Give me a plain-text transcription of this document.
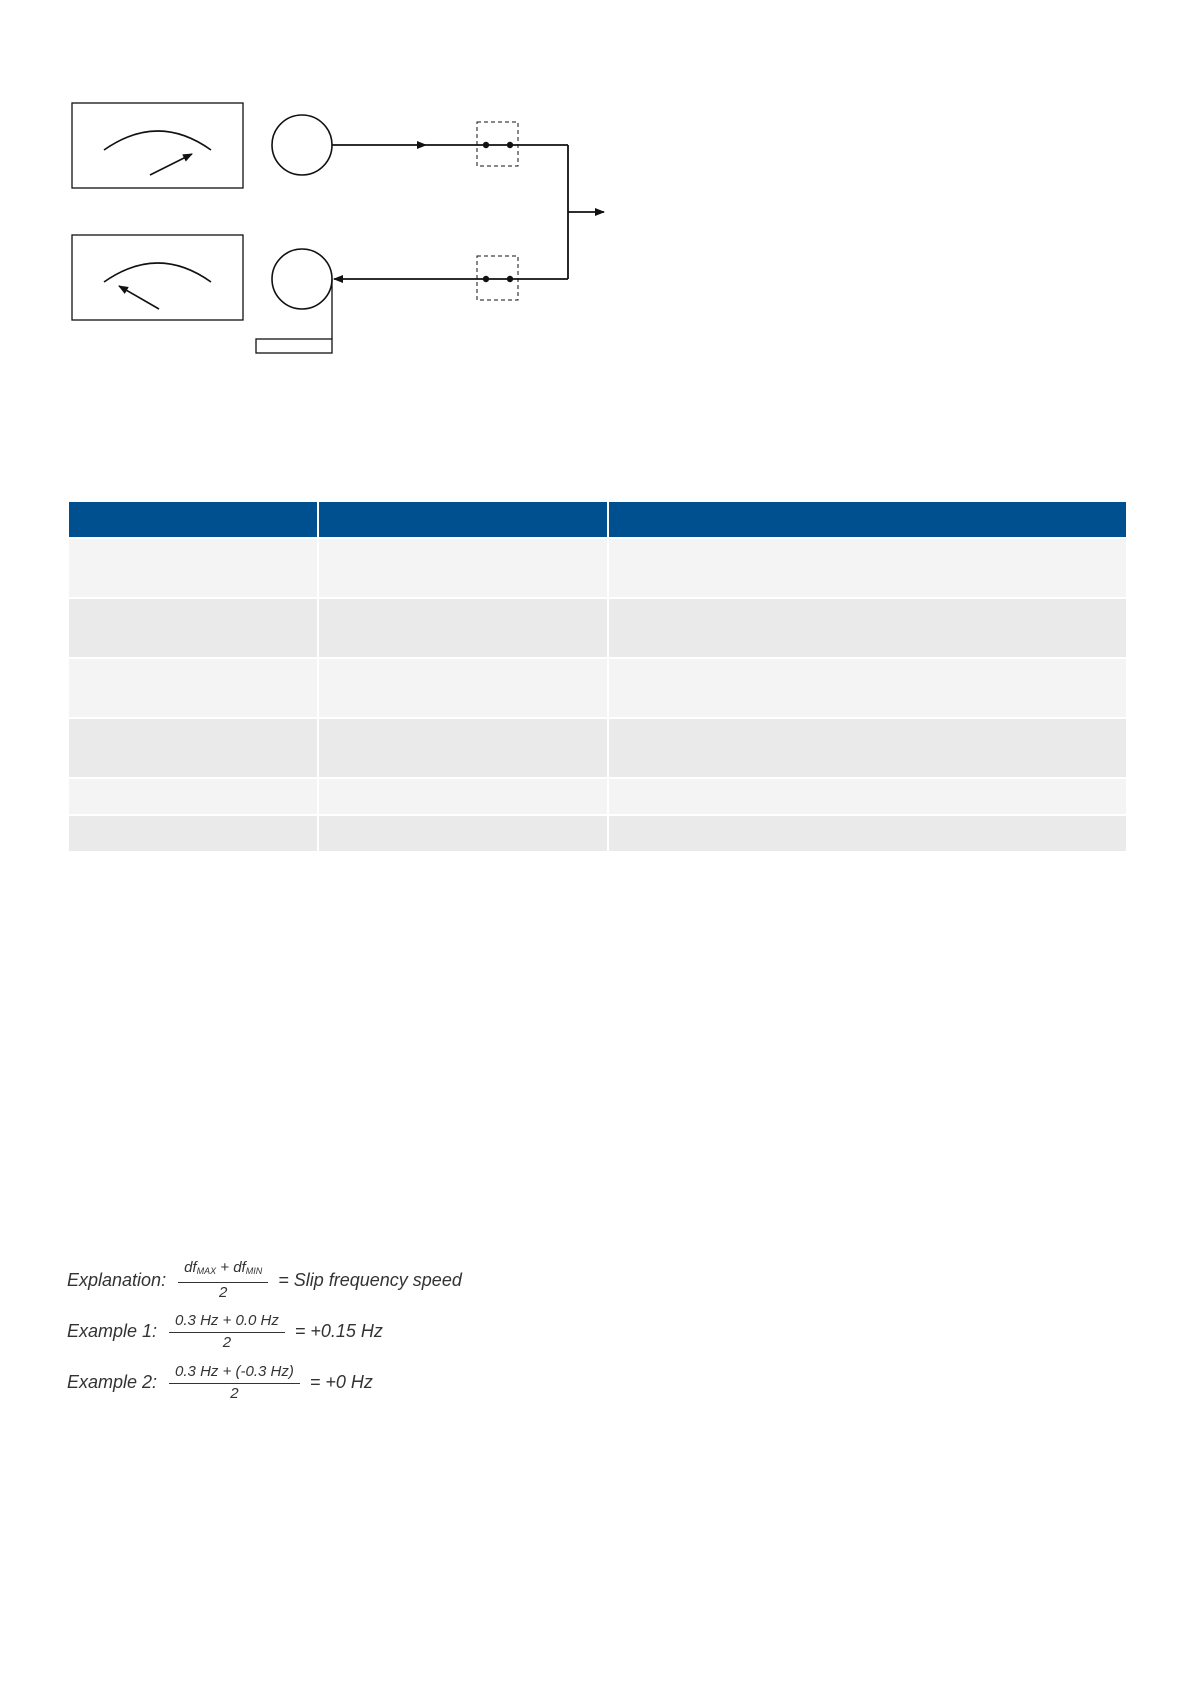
Explanation: $\frac{df_{MAX} + df_{MIN}}{2}$ = Slip frequency speed
Example 1: $\frac{0.3 Hz + 0.0 Hz}{2} = +0.15$ Hz
Example 2: $\frac{0.3 Hz + (-0.3 Hz)}{2} = +0$ Hz
